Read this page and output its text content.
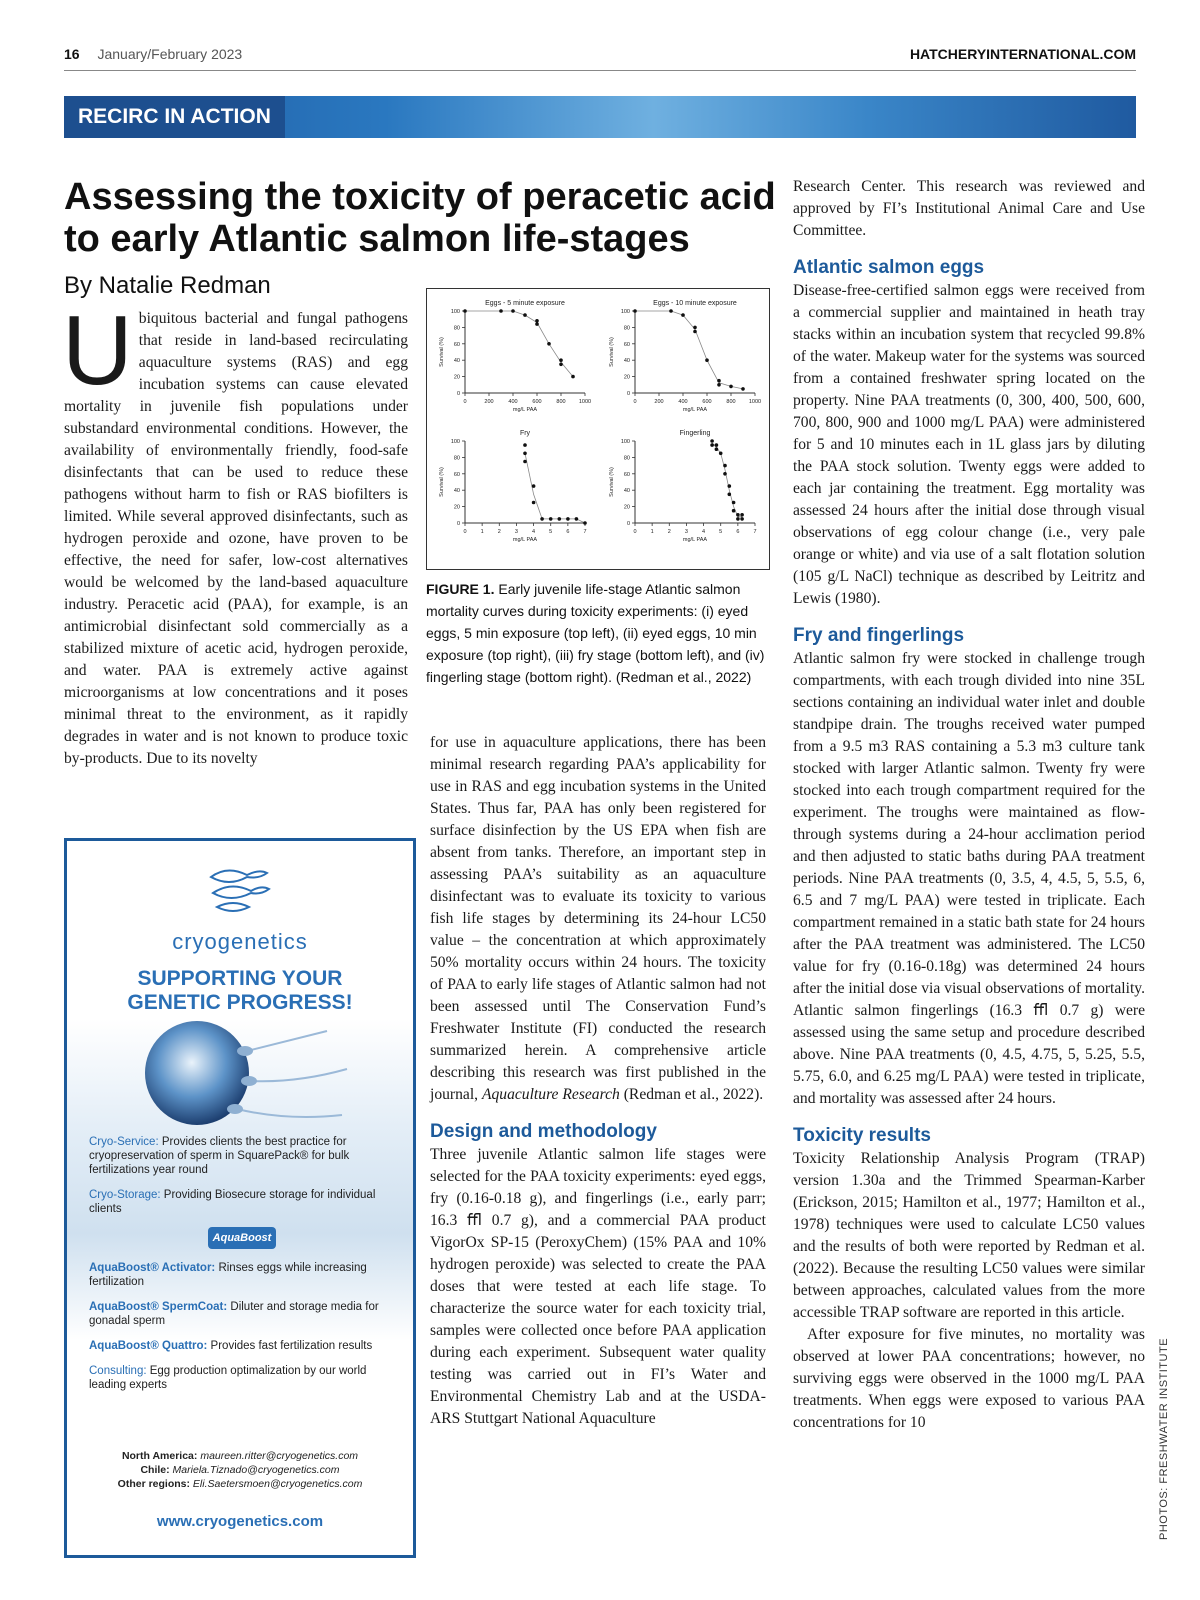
16 January/February 2023	HATCHERYINTERNATIONAL.COM
RECIRC IN ACTION
Assessing the toxicity of peracetic acid to early Atlantic salmon life-stages
By Natalie Redman

Ubiquitous bacterial and fungal pathogens that reside in land-based recirculating aquaculture systems (RAS) and egg incubation systems can cause elevated mortality in juvenile fish populations under substandard environmental conditions. However, the availability of environmentally friendly, food-safe disinfectants that can be used to reduce these pathogens without harm to fish or RAS biofilters is limited. While several approved disinfectants, such as hydrogen peroxide and ozone, have proven to be effective, the need for safer, low-cost alternatives would be welcomed by the land-based aquaculture industry. Peracetic acid (PAA), for example, is an antimicrobial disinfectant sold commercially as a stabilized mixture of acetic acid, hydrogen peroxide, and water. PAA is extremely active against microorganisms at low concentrations and it poses minimal threat to the environment, as it rapidly degrades in water and is not known to produce toxic by-products. Due to its novelty

Eggs - 5 minute exposure
0
20
40
60
80
100
0	200	400	600	800 1000
mg/L PAA
Survival (%)
Eggs - 10 minute exposure
0
20
40
60
80
100
0	200	400	600	800 1000
mg/L PAA
Survival (%)
Fry
0
20
40
60
80
100
0	1	2	3	4	5	6	7
mg/L PAA
Survival (%)
Fingerling
0
20
40
60
80
100
0	1	2	3	4	5	6	7
mg/L PAA
Survival (%)
FIGURE 1. Early juvenile life-stage Atlantic salmon mortality curves during toxicity experiments: (i) eyed eggs, 5 min exposure (top left), (ii) eyed eggs, 10 min exposure (top right), (iii) fry stage (bottom left), and (iv) fingerling stage (bottom right). (Redman et al., 2022)

for use in aquaculture applications, there has been minimal research regarding PAA’s applicability for use in RAS and egg incubation systems in the United States. Thus far, PAA has only been registered for surface disinfection by the US EPA when fish are absent from tanks. Therefore, an important step in assessing PAA’s suitability as an aquaculture disinfectant was to evaluate its toxicity to various fish life stages by determining its 24-hour LC50 value – the concentration at which approximately 50% mortality occurs within 24 hours. The toxicity of PAA to early life stages of Atlantic salmon had not been assessed until The Conservation Fund’s Freshwater Institute (FI) conducted the research summarized herein. A comprehensive article describing this research was first published in the journal, Aquaculture Research (Redman et al., 2022).

Design and methodology

Three juvenile Atlantic salmon life stages were selected for the PAA toxicity experiments: eyed eggs, fry (0.16-0.18 g), and fingerlings (i.e., early parr; 16.3 ﬄ 0.7 g), and a commercial PAA product VigorOx SP-15 (PeroxyChem) (15% PAA and 10% hydrogen peroxide) was selected to create the PAA doses that were tested at each life stage. To characterize the source water for each toxicity trial, samples were collected once before PAA application during each experiment. Subsequent water quality testing was carried out in FI’s Water and Environmental Chemistry Lab and at the USDA-ARS Stuttgart National Aquaculture

Research Center. This research was reviewed and approved by FI’s Institutional Animal Care and Use Committee.

Atlantic salmon eggs

Disease-free-certified salmon eggs were received from a commercial supplier and maintained in heath tray stacks within an incubation system that recycled 99.8% of the water. Makeup water for the systems was sourced from a contained freshwater spring located on the property. Nine PAA treatments (0, 300, 400, 500, 600, 700, 800, 900 and 1000 mg/L PAA) were administered for 5 and 10 minutes each in 1L glass jars by diluting the PAA stock solution. Twenty eggs were added to each jar containing the treatment. Egg mortality was assessed 24 hours after the initial dose through visual observations of egg colour change (i.e., very pale orange or white) and via use of a salt flotation solution (105 g/L NaCl) technique as described by Leitritz and Lewis (1980).

Fry and fingerlings

Atlantic salmon fry were stocked in challenge trough compartments, with each trough divided into nine 35L sections containing an individual water inlet and double standpipe drain. The troughs received water pumped from a 9.5 m3 RAS containing a 5.3 m3 culture tank stocked with larger Atlantic salmon. Twenty fry were stocked into each trough compartment required for the experiment. The troughs were maintained as flow-through systems during a 24-hour acclimation period and then adjusted to static baths during PAA treatment periods. Nine PAA treatments (0, 3.5, 4, 4.5, 5, 5.5, 6, 6.5 and 7 mg/L PAA) were tested in triplicate. Each compartment remained in a static bath state for 24 hours after the PAA treatment was administered. The LC50 value for fry (0.16-0.18g) was determined 24 hours after the initial dose via visual observations of mortality. Atlantic salmon fingerlings (16.3 ﬄ 0.7 g) were assessed using the same setup and procedure described above. Nine PAA treatments (0, 4.5, 4.75, 5, 5.25, 5.5, 5.75, 6.0, and 6.25 mg/L PAA) were tested in triplicate, and mortality was assessed after 24 hours.

Toxicity results

Toxicity Relationship Analysis Program (TRAP) version 1.30a and the Trimmed Spearman-Karber (Erickson, 2015; Hamilton et al., 1977; Hamilton et al., 1978) techniques were used to calculate LC50 values and the results of both were reported by Redman et al. (2022). Because the resulting LC50 values were similar between approaches, calculated values from the more accessible TRAP software are reported in this article.

After exposure for five minutes, no mortality was observed at lower PAA concentrations; however, no surviving eggs were observed in the 1000 mg/L PAA treatments. When eggs were exposed to various PAA concentrations for 10

cryogenetics
SUPPORTING YOUR
GENETIC PROGRESS!

Cryo-Service: Provides clients the best practice for cryopreservation of sperm in SquarePack® for bulk fertilizations year round

Cryo-Storage: Providing Biosecure storage for individual clients

AquaBoost

AquaBoost® Activator: Rinses eggs while increasing fertilization

AquaBoost® SpermCoat: Diluter and storage media for gonadal sperm

AquaBoost® Quattro: Provides fast fertilization results

Consulting: Egg production optimalization by our world leading experts

North America: maureen.ritter@cryogenetics.com
Chile: Mariela.Tiznado@cryogenetics.com
Other regions: Eli.Saetersmoen@cryogenetics.com
www.cryogenetics.com	PHOTOS: FRESHWATER INSTITUTE
